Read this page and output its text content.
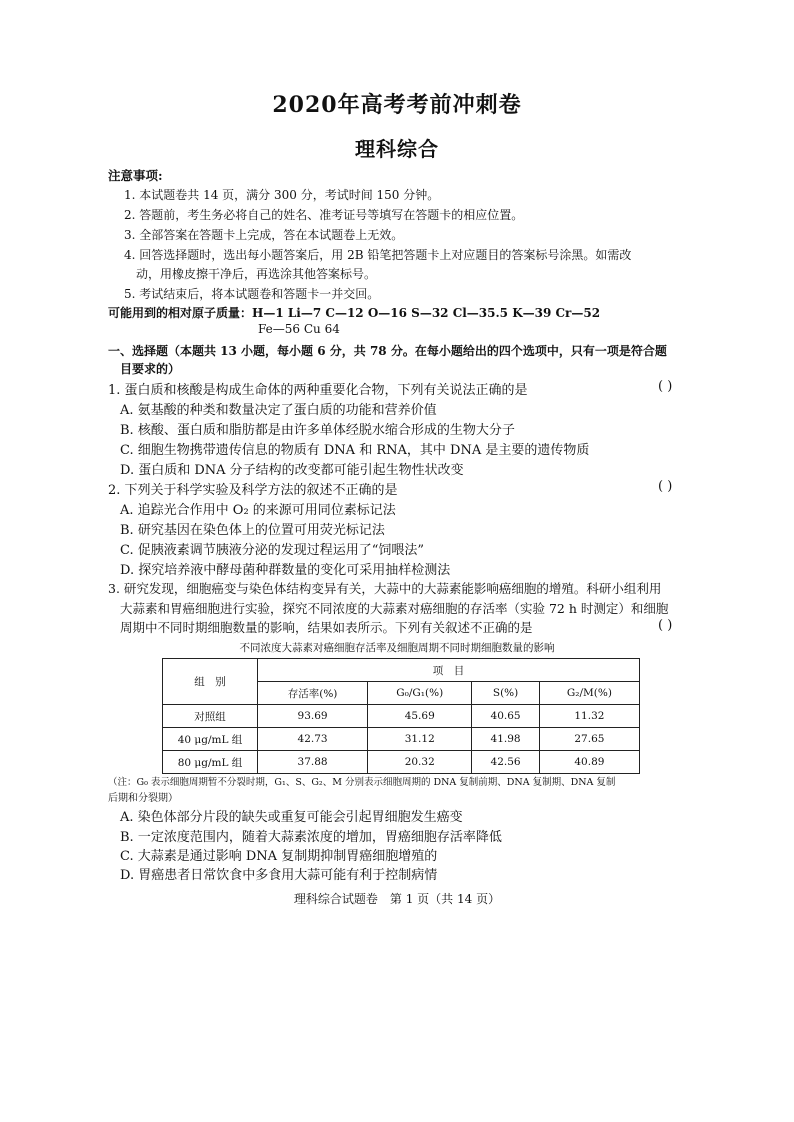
2020年高考考前冲刺卷
理科综合
注意事项:
1. 本试题卷共 14 页，满分 300 分，考试时间 150 分钟。
2. 答题前，考生务必将自己的姓名、准考证号等填写在答题卡的相应位置。
3. 全部答案在答题卡上完成，答在本试题卷上无效。
4. 回答选择题时，选出每小题答案后，用 2B 铅笔把答题卡上对应题目的答案标号涂黑。如需改
动，用橡皮擦干净后，再选涂其他答案标号。
5. 考试结束后，将本试题卷和答题卡一并交回。
可能用到的相对原子质量：H—1 Li—7 C—12 O—16 S—32 Cl—35.5 K—39 Cr—52
Fe—56 Cu 64
一、选择题（本题共 13 小题，每小题 6 分，共 78 分。在每小题给出的四个选项中，只有一项是符合题
目要求的）
1. 蛋白质和核酸是构成生命体的两种重要化合物，下列有关说法正确的是	( )
A. 氨基酸的种类和数量决定了蛋白质的功能和营养价值
B. 核酸、蛋白质和脂肪都是由许多单体经脱水缩合形成的生物大分子
C. 细胞生物携带遗传信息的物质有 DNA 和 RNA，其中 DNA 是主要的遗传物质
D. 蛋白质和 DNA 分子结构的改变都可能引起生物性状改变
2. 下列关于科学实验及科学方法的叙述不正确的是	( )
A. 追踪光合作用中 O₂ 的来源可用同位素标记法
B. 研究基因在染色体上的位置可用荧光标记法
C. 促胰液素调节胰液分泌的发现过程运用了“饲喂法”
D. 探究培养液中酵母菌种群数量的变化可采用抽样检测法
3. 研究发现，细胞癌变与染色体结构变异有关，大蒜中的大蒜素能影响癌细胞的增殖。科研小组利用
大蒜素和胃癌细胞进行实验，探究不同浓度的大蒜素对癌细胞的存活率（实验 72 h 时测定）和细胞
周期中不同时期细胞数量的影响，结果如表所示。下列有关叙述不正确的是	( )
不同浓度大蒜素对癌细胞存活率及细胞周期不同时期细胞数量的影响
组　别	项　目			
	存活率(%)	G₀/G₁(%)	S(%)	G₂/M(%)
对照组	93.69	45.69	40.65	11.32
40 μg/mL 组	42.73	31.12	41.98	27.65
80 μg/mL 组	37.88	20.32	42.56	40.89
（注：G₀ 表示细胞周期暂不分裂时期，G₁、S、G₂、M 分别表示细胞周期的 DNA 复制前期、DNA 复制期、DNA 复制
后期和分裂期）
A. 染色体部分片段的缺失或重复可能会引起胃细胞发生癌变
B. 一定浓度范围内，随着大蒜素浓度的增加，胃癌细胞存活率降低
C. 大蒜素是通过影响 DNA 复制期抑制胃癌细胞增殖的
D. 胃癌患者日常饮食中多食用大蒜可能有利于控制病情
理科综合试题卷　第 1 页（共 14 页）
